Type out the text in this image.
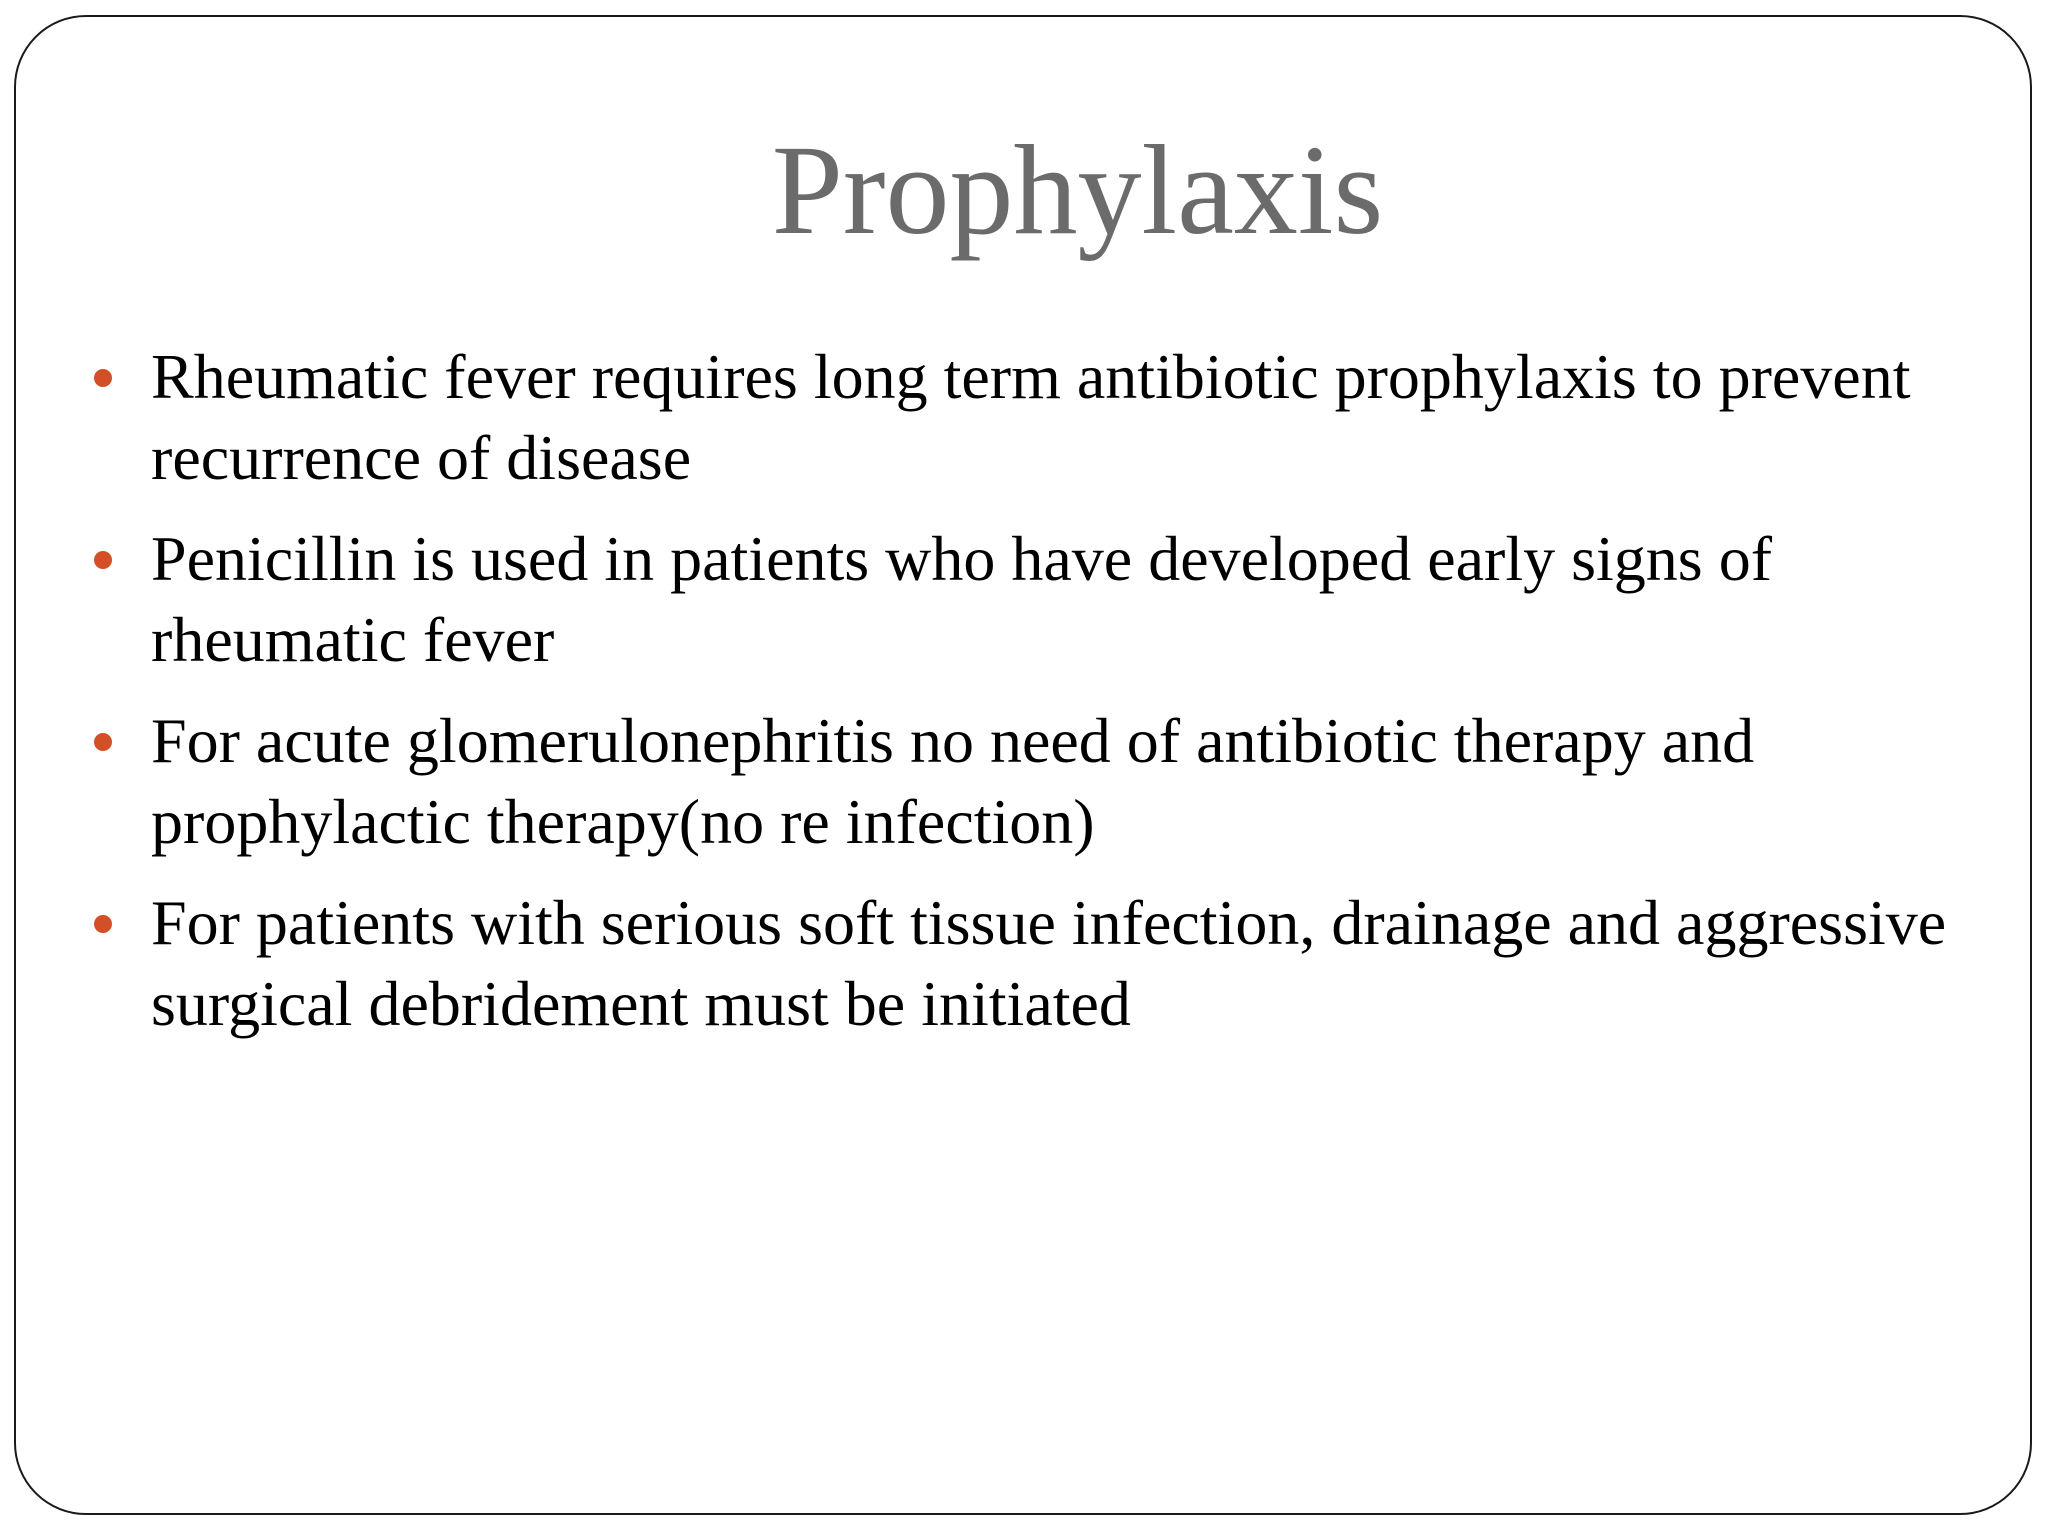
Prophylaxis
Rheumatic fever requires long term antibiotic prophylaxis to prevent recurrence of disease
Penicillin is used in patients who have developed early signs of rheumatic fever
For acute glomerulonephritis no need of antibiotic therapy and prophylactic therapy(no re infection)
For patients with serious soft tissue infection, drainage and aggressive surgical debridement must be initiated
